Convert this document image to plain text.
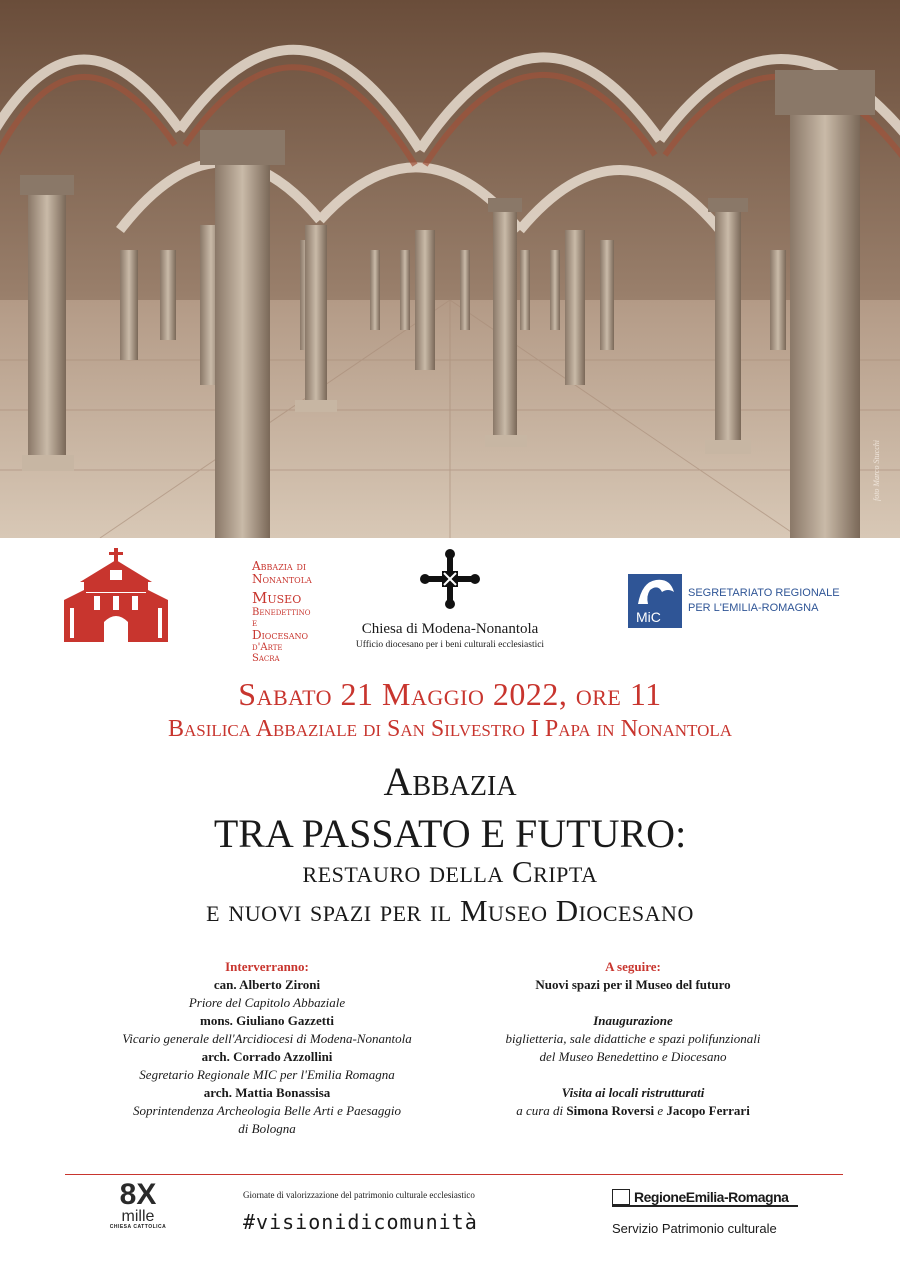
foto Marco Stucchi
Abbazia di
Nonantola
Museo
Benedettino e
Diocesano
d'Arte Sacra
Chiesa di Modena-Nonantola
Ufficio diocesano per i beni culturali ecclesiastici
MiC
SEGRETARIATO REGIONALE
PER L'EMILIA-ROMAGNA
Sabato 21 Maggio 2022, ore 11
Basilica Abbaziale di San Silvestro I Papa in Nonantola
Abbazia
TRA PASSATO E FUTURO:
restauro della Cripta
e nuovi spazi per il Museo Diocesano
Interverranno:
can. Alberto Zironi
Priore del Capitolo Abbaziale
mons. Giuliano Gazzetti
Vicario generale dell'Arcidiocesi di Modena-Nonantola
arch. Corrado Azzollini
Segretario Regionale MIC per l'Emilia Romagna
arch. Mattia Bonassisa
Soprintendenza Archeologia Belle Arti e Paesaggio
di Bologna
A seguire:
Nuovi spazi per il Museo del futuro

Inaugurazione
biglietteria, sale didattiche e spazi polifunzionali
del Museo Benedettino e Diocesano

Visita ai locali ristrutturati
a cura di Simona Roversi e Jacopo Ferrari
8X
mille
CHIESA CATTOLICA
Giornate di valorizzazione del patrimonio culturale ecclesiastico
#visionidicomunità
RegioneEmilia-Romagna
Servizio Patrimonio culturale
